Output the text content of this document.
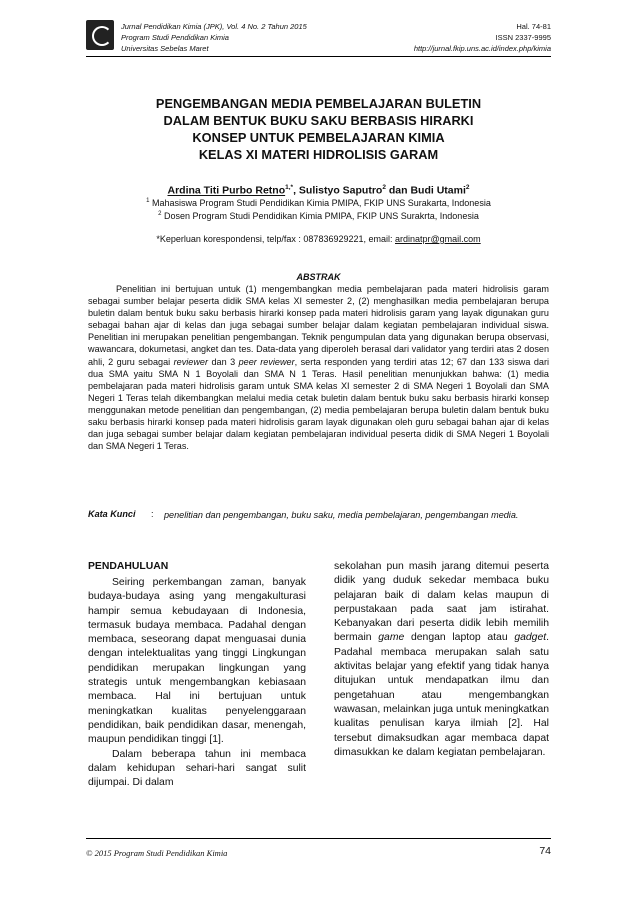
Jurnal Pendidikan Kimia (JPK), Vol. 4 No. 2 Tahun 2015
Program Studi Pendidikan Kimia
Universitas Sebelas Maret
Hal. 74-81
ISSN 2337-9995
http://jurnal.fkip.uns.ac.id/index.php/kimia
PENGEMBANGAN MEDIA PEMBELAJARAN BULETIN
DALAM BENTUK BUKU SAKU BERBASIS HIRARKI
KONSEP UNTUK PEMBELAJARAN KIMIA
KELAS XI MATERI HIDROLISIS GARAM
Ardina Titi Purbo Retno$^{1,*}$, Sulistyo Saputro$^2$ dan Budi Utami$^2$
$^1$ Mahasiswa Program Studi Pendidikan Kimia PMIPA, FKIP UNS Surakarta, Indonesia
$^2$ Dosen Program Studi Pendidikan Kimia PMIPA, FKIP UNS Surakrta, Indonesia
*Keperluan korespondensi, telp/fax : 087836929221, email: ardinatpr@gmail.com
ABSTRAK

Penelitian ini bertujuan untuk (1) mengembangkan media pembelajaran pada materi hidrolisis garam sebagai sumber belajar peserta didik SMA kelas XI semester 2, (2) menghasilkan media pembelajaran berupa buletin dalam bentuk buku saku berbasis hirarki konsep pada materi hidrolisis garam yang layak digunakan guru sebagai bahan ajar di kelas dan juga sebagai sumber belajar dalam kegiatan pembelajaran individual siswa. Penelitian ini merupakan penelitian pengembangan. Teknik pengumpulan data yang digunakan berupa observasi, wawancara, dokumetasi, angket dan tes. Data-data yang diperoleh berasal dari validator yang terdiri atas 2 dosen ahli, 2 guru sebagai reviewer dan 3 peer reviewer, serta responden yang terdiri atas 12; 67 dan 133 siswa dari dua SMA yaitu SMA N 1 Boyolali dan SMA N 1 Teras. Hasil penelitian menunjukkan bahwa: (1) media pembelajaran pada materi hidrolisis garam untuk SMA kelas XI semester 2 di SMA Negeri 1 Boyolali dan SMA Negeri 1 Teras telah dikembangkan melalui media cetak buletin dalam bentuk buku saku berbasis hirarki konsep menggunakan metode penelitian dan pengembangan, (2) media pembelajaran berupa buletin dalam bentuk buku saku berbasis hirarki konsep pada materi hidrolisis garam layak digunakan oleh guru sebagai bahan ajar di kelas dan juga sebagai sumber belajar dalam kegiatan pembelajaran individual peserta didik di SMA Negeri 1 Boyolali dan SMA Negeri 1 Teras.

Kata Kunci : penelitian dan pengembangan, buku saku, media pembelajaran, pengembangan media.
PENDAHULUAN

Seiring perkembangan zaman, banyak budaya-budaya asing yang mengakulturasi hampir semua kebudayaan di Indonesia, termasuk budaya membaca. Padahal dengan membaca, seseorang dapat menguasai dunia dengan intelektualitas yang tinggi Lingkungan pendidikan merupakan lingkungan yang strategis untuk mengembangkan kebiasaan membaca. Hal ini bertujuan untuk meningkatkan kualitas penyelenggaraan pendidikan, baik pendidikan dasar, menengah, maupun pendidikan tinggi [1].

Dalam beberapa tahun ini membaca dalam kehidupan sehari-hari sangat sulit dijumpai. Di dalam

sekolahan pun masih jarang ditemui peserta didik yang duduk sekedar membaca buku pelajaran baik di dalam kelas maupun di perpustakaan pada saat jam istirahat. Kebanyakan dari peserta didik lebih memilih bermain game dengan laptop atau gadget. Padahal membaca merupakan salah satu aktivitas belajar yang efektif yang tidak hanya ditujukan untuk mendapatkan ilmu dan pengetahuan atau mengembangkan wawasan, melainkan juga untuk meningkatkan kualitas penulisan karya ilmiah [2]. Hal tersebut dimaksudkan agar membaca dapat dimasukkan ke dalam kegiatan pembelajaran.

© 2015 Program Studi Pendidikan Kimia	74
